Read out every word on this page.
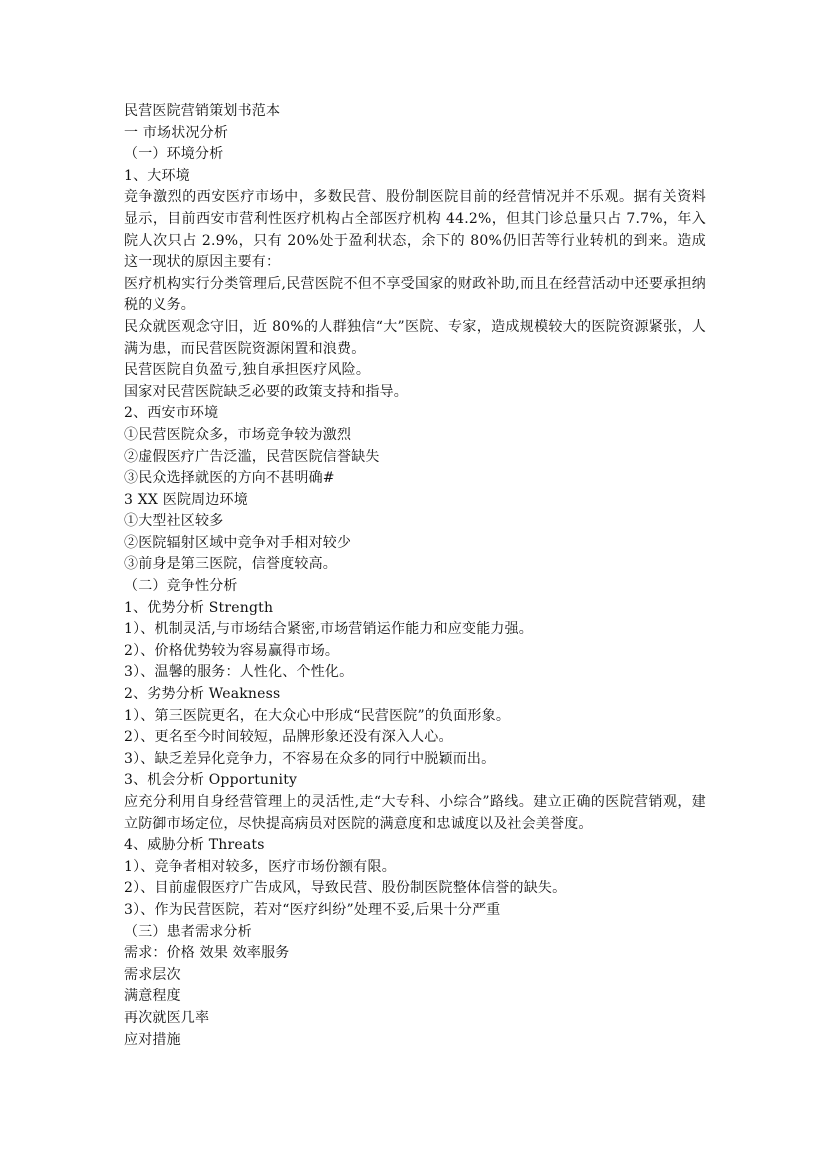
民营医院营销策划书范本
一 市场状况分析
（一）环境分析
1、大环境
竞争激烈的西安医疗市场中，多数民营、股份制医院目前的经营情况并不乐观。据有关资料显示，目前西安市营利性医疗机构占全部医疗机构 44.2%，但其门诊总量只占 7.7%，年入院人次只占 2.9%，只有 20%处于盈利状态，余下的 80%仍旧苦等行业转机的到来。造成这一现状的原因主要有：
医疗机构实行分类管理后,民营医院不但不享受国家的财政补助,而且在经营活动中还要承担纳税的义务。
民众就医观念守旧，近 80%的人群独信“大”医院、专家，造成规模较大的医院资源紧张，人满为患，而民营医院资源闲置和浪费。
民营医院自负盈亏,独自承担医疗风险。
国家对民营医院缺乏必要的政策支持和指导。
2、西安市环境
①民营医院众多，市场竞争较为激烈
②虚假医疗广告泛滥，民营医院信誉缺失
③民众选择就医的方向不甚明确#
3 XX 医院周边环境
①大型社区较多
②医院辐射区域中竞争对手相对较少
③前身是第三医院，信誉度较高。
（二）竞争性分析
1、优势分析 Strength
1）、机制灵活,与市场结合紧密,市场营销运作能力和应变能力强。
2）、价格优势较为容易赢得市场。
3）、温馨的服务：人性化、个性化。
2、劣势分析 Weakness
1）、第三医院更名，在大众心中形成“民营医院”的负面形象。
2）、更名至今时间较短，品牌形象还没有深入人心。
3）、缺乏差异化竞争力，不容易在众多的同行中脱颖而出。
3、机会分析 Opportunity
应充分利用自身经营管理上的灵活性,走“大专科、小综合”路线。建立正确的医院营销观，建立防御市场定位，尽快提高病员对医院的满意度和忠诚度以及社会美誉度。
4、威胁分析 Threats
1）、竞争者相对较多，医疗市场份额有限。
2）、目前虚假医疗广告成风，导致民营、股份制医院整体信誉的缺失。
3）、作为民营医院，若对“医疗纠纷”处理不妥,后果十分严重
（三）患者需求分析
需求：价格 效果 效率服务
需求层次
满意程度
再次就医几率
应对措施
